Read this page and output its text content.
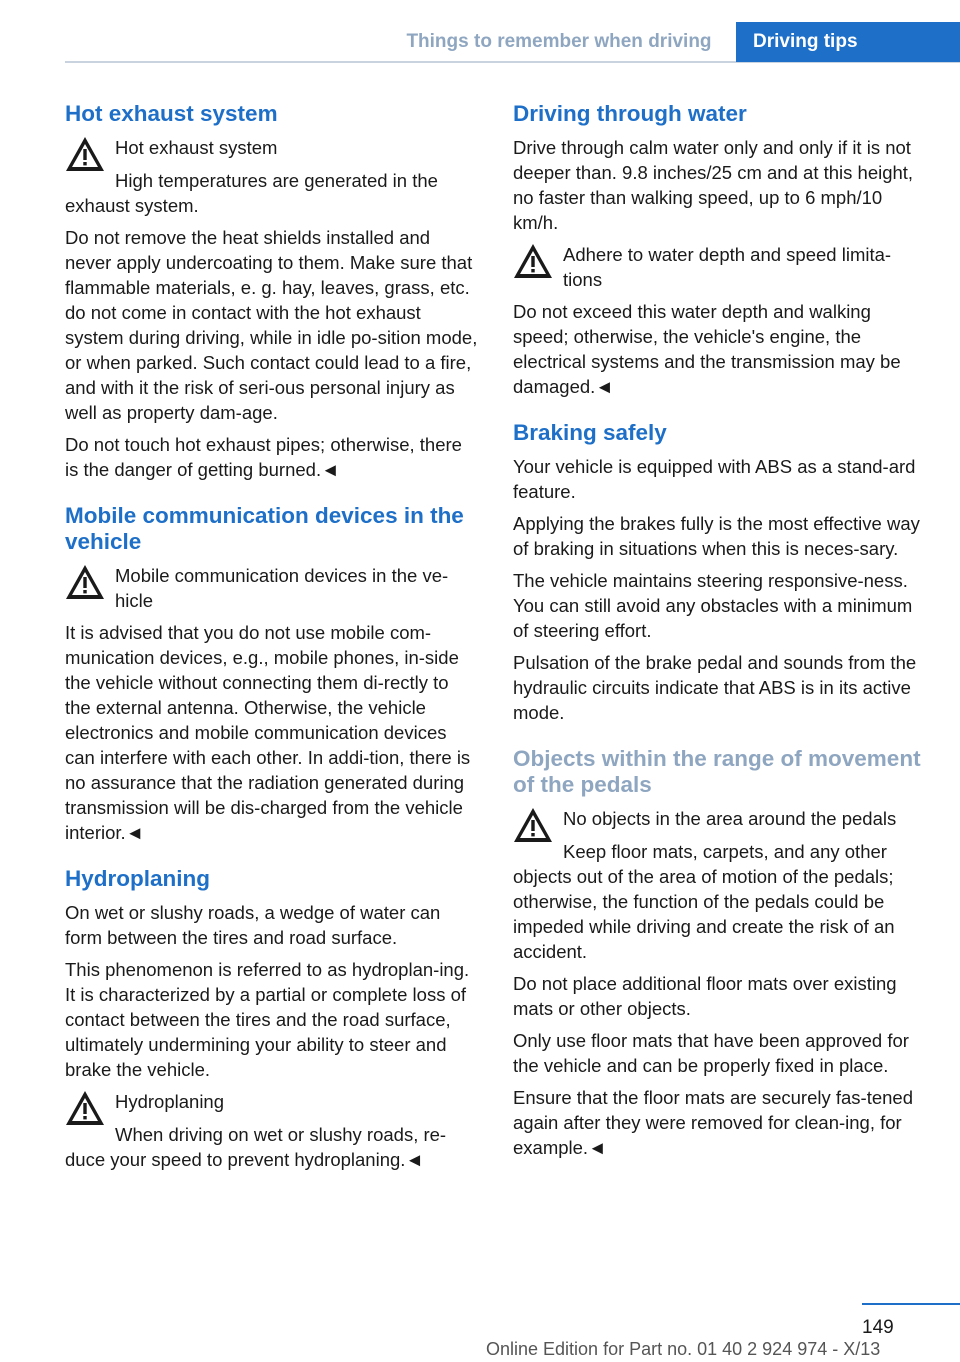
Things to remember when driving	Driving tips
Hot exhaust system
Hot exhaust system

High temperatures are generated in the exhaust system.

Do not remove the heat shields installed and never apply undercoating to them. Make sure that flammable materials, e. g. hay, leaves, grass, etc. do not come in contact with the hot exhaust system during driving, while in idle po-sition mode, or when parked. Such contact could lead to a fire, and with it the risk of seri-ous personal injury as well as property dam-age.

Do not touch hot exhaust pipes; otherwise, there is the danger of getting burned.◄

Mobile communication devices in the vehicle
Mobile communication devices in the ve-hicle

It is advised that you do not use mobile com-munication devices, e.g., mobile phones, in-side the vehicle without connecting them di-rectly to the external antenna. Otherwise, the vehicle electronics and mobile communication devices can interfere with each other. In addi-tion, there is no assurance that the radiation generated during transmission will be dis-charged from the vehicle interior.◄

Hydroplaning

On wet or slushy roads, a wedge of water can form between the tires and road surface.

This phenomenon is referred to as hydroplan-ing. It is characterized by a partial or complete loss of contact between the tires and the road surface, ultimately undermining your ability to steer and brake the vehicle.

Hydroplaning

When driving on wet or slushy roads, re-duce your speed to prevent hydroplaning.◄

Driving through water

Drive through calm water only and only if it is not deeper than. 9.8 inches/25 cm and at this height, no faster than walking speed, up to 6 mph/10 km/h.

Adhere to water depth and speed limita-tions

Do not exceed this water depth and walking speed; otherwise, the vehicle's engine, the electrical systems and the transmission may be damaged.◄

Braking safely

Your vehicle is equipped with ABS as a stand-ard feature.

Applying the brakes fully is the most effective way of braking in situations when this is neces-sary.

The vehicle maintains steering responsive-ness. You can still avoid any obstacles with a minimum of steering effort.

Pulsation of the brake pedal and sounds from the hydraulic circuits indicate that ABS is in its active mode.

Objects within the range of movement of the pedals
No objects in the area around the pedals

Keep floor mats, carpets, and any other objects out of the area of motion of the pedals; otherwise, the function of the pedals could be impeded while driving and create the risk of an accident.

Do not place additional floor mats over existing mats or other objects.

Only use floor mats that have been approved for the vehicle and can be properly fixed in place.

Ensure that the floor mats are securely fas-tened again after they were removed for clean-ing, for example.◄

149
Online Edition for Part no. 01 40 2 924 974 - X/13
